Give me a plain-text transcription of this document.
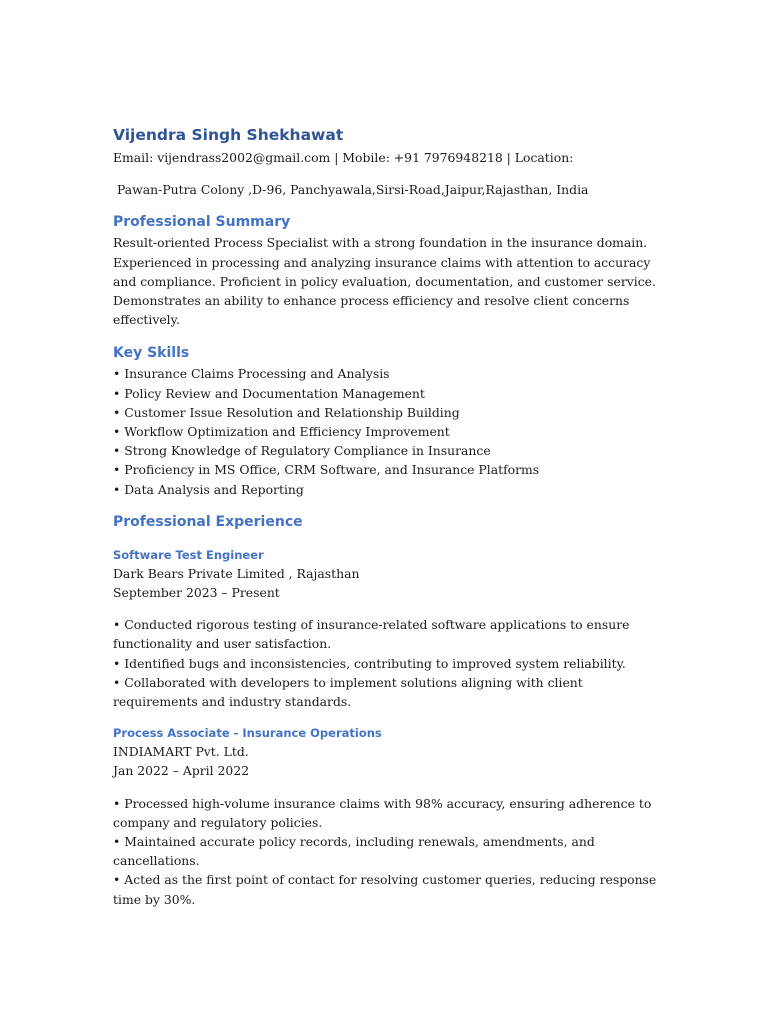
Vijendra Singh Shekhawat

Email: vijendrass2002@gmail.com | Mobile: +91 7976948218 | Location:

Pawan-Putra Colony ,D-96, Panchyawala,Sirsi-Road,Jaipur,Rajasthan, India

Professional Summary

Result-oriented Process Specialist with a strong foundation in the insurance domain. Experienced in processing and analyzing insurance claims with attention to accuracy and compliance. Proficient in policy evaluation, documentation, and customer service. Demonstrates an ability to enhance process efficiency and resolve client concerns effectively.

Key Skills
• Insurance Claims Processing and Analysis
• Policy Review and Documentation Management
• Customer Issue Resolution and Relationship Building
• Workflow Optimization and Efficiency Improvement
• Strong Knowledge of Regulatory Compliance in Insurance
• Proficiency in MS Office, CRM Software, and Insurance Platforms
• Data Analysis and Reporting
Professional Experience
Software Test Engineer

Dark Bears Private Limited , Rajasthan

September 2023 – Present

• Conducted rigorous testing of insurance-related software applications to ensure functionality and user satisfaction.
• Identified bugs and inconsistencies, contributing to improved system reliability.
• Collaborated with developers to implement solutions aligning with client requirements and industry standards.
Process Associate - Insurance Operations

INDIAMART Pvt. Ltd.

Jan 2022 – April 2022

• Processed high-volume insurance claims with 98% accuracy, ensuring adherence to company and regulatory policies.
• Maintained accurate policy records, including renewals, amendments, and cancellations.
• Acted as the first point of contact for resolving customer queries, reducing response time by 30%.
